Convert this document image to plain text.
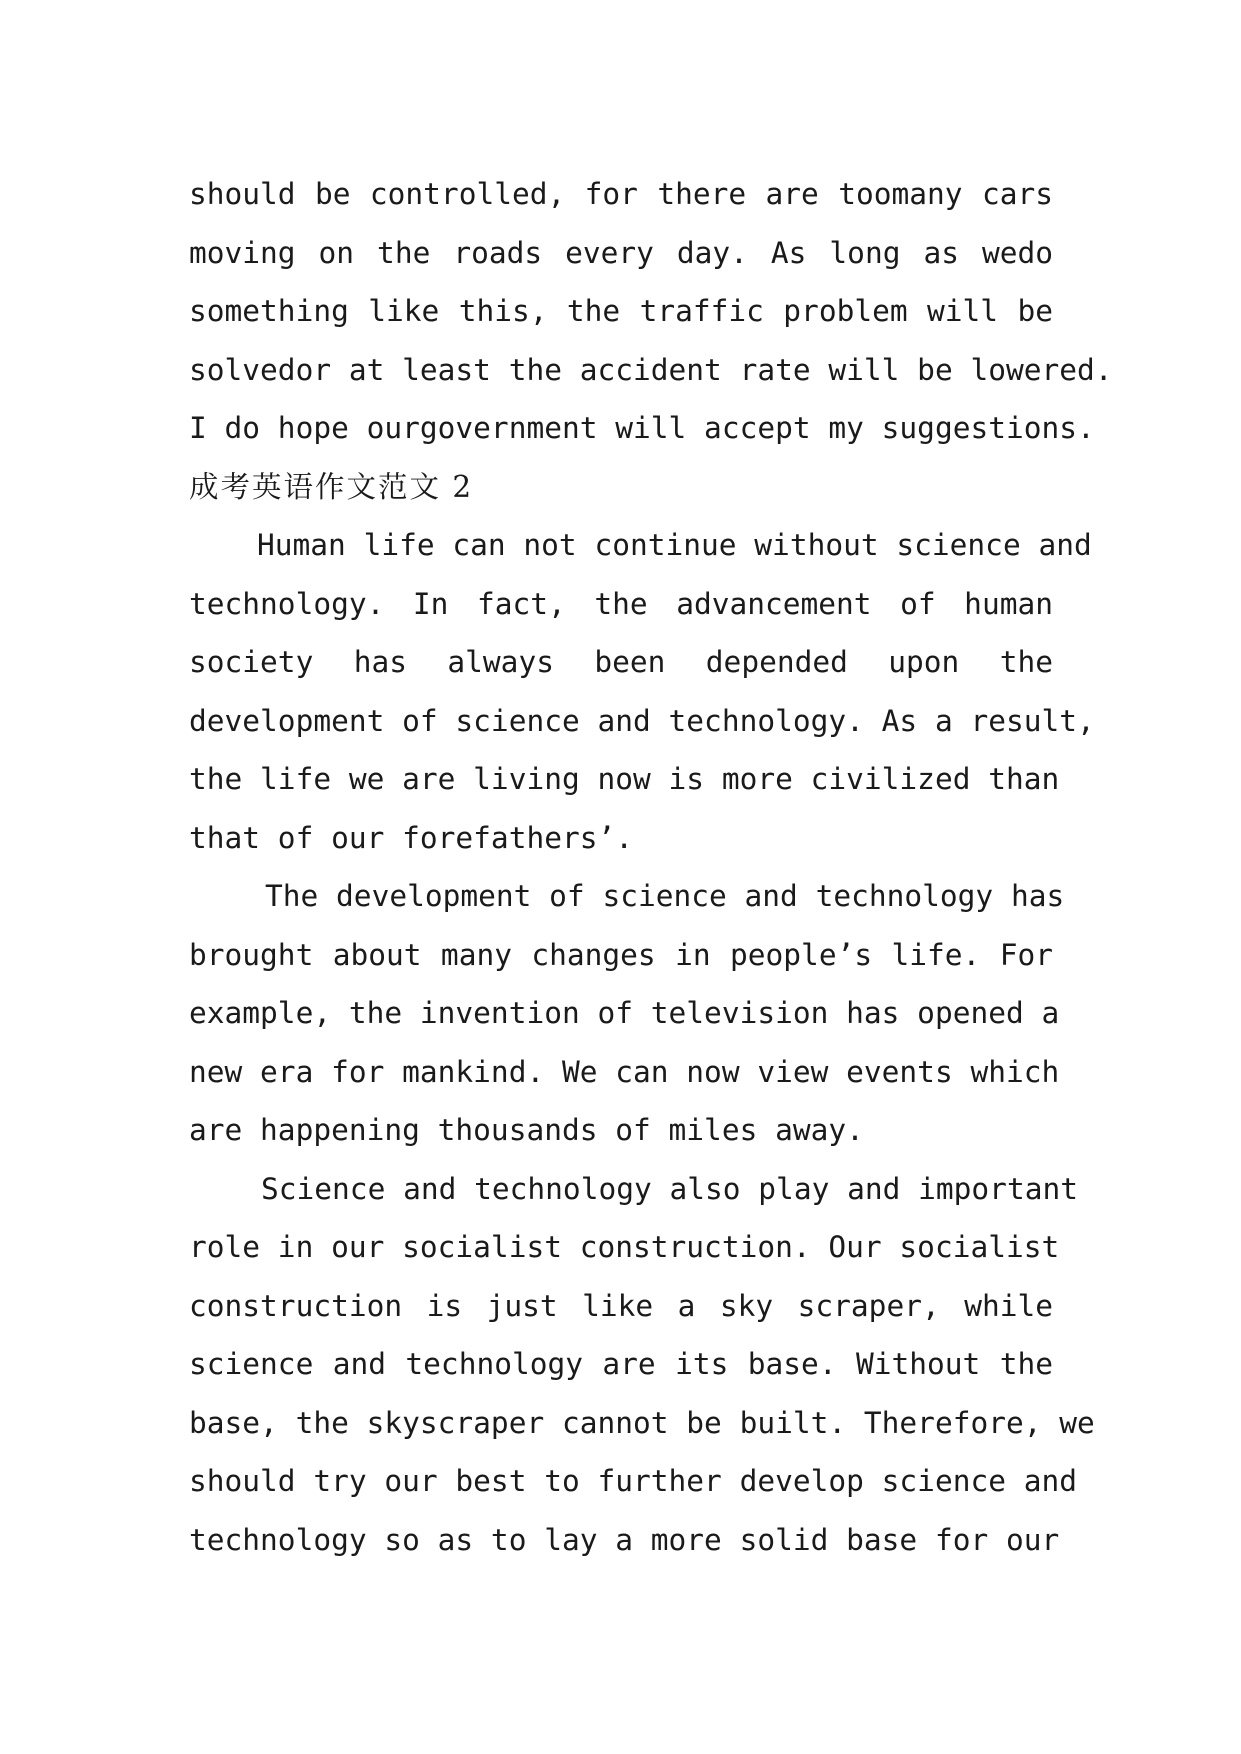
should be controlled, for there are toomany cars
moving on the roads every day. As long as wedo
something like this, the traffic problem will be
solvedor at least the accident rate will be lowered.
I do hope ourgovernment will accept my suggestions.
成考英语作文范文 2
Human life can not continue without science and
technology. In fact, the advancement of human
society has always been depended upon the
development of science and technology. As a result,
the life we are living now is more civilized than
that of our forefathers’.
The development of science and technology has
brought about many changes in people’s life. For
example, the invention of television has opened a
new era for mankind. We can now view events which
are happening thousands of miles away.
Science and technology also play and important
role in our socialist construction. Our socialist
construction is just like a sky scraper, while
science and technology are its base. Without the
base, the skyscraper cannot be built. Therefore, we
should try our best to further develop science and
technology so as to lay a more solid base for our
